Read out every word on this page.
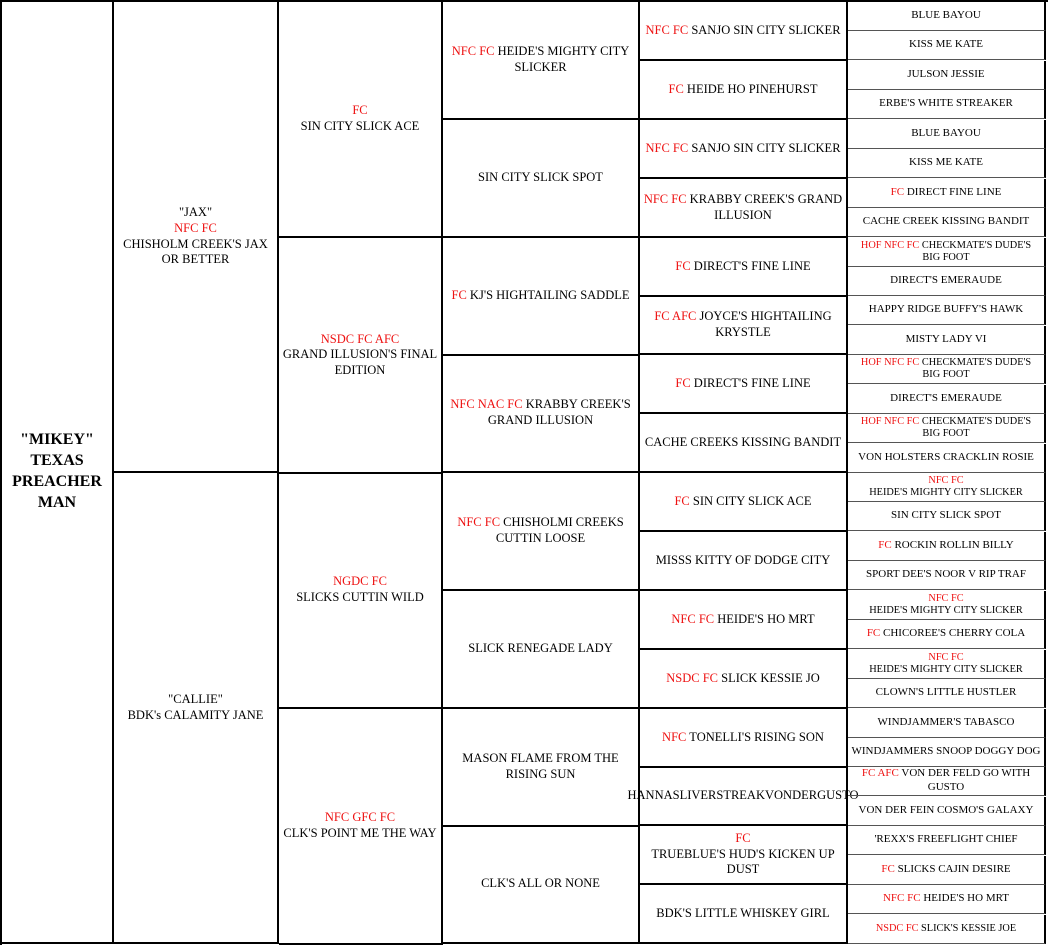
"MIKEY"
TEXAS
PREACHER
MAN
"JAX"
NFC FC
CHISHOLM CREEK'S JAX OR BETTER
"CALLIE"
BDK's CALAMITY JANE
FC
SIN CITY SLICK ACE
NSDC FC AFC
GRAND ILLUSION'S FINAL EDITION
NGDC FC
SLICKS CUTTIN WILD
NFC GFC FC
CLK'S POINT ME THE WAY
NFC FC HEIDE'S MIGHTY CITY SLICKER
SIN CITY SLICK SPOT
FC KJ'S HIGHTAILING SADDLE
NFC NAC FC KRABBY CREEK'S GRAND ILLUSION
NFC FC CHISHOLMI CREEKS CUTTIN LOOSE
SLICK RENEGADE LADY
MASON FLAME FROM THE RISING SUN
CLK'S ALL OR NONE
NFC FC SANJO SIN CITY SLICKER
FC HEIDE HO PINEHURST
NFC FC SANJO SIN CITY SLICKER
NFC FC KRABBY CREEK'S GRAND ILLUSION
FC DIRECT'S FINE LINE
FC AFC JOYCE'S HIGHTAILING KRYSTLE
FC DIRECT'S FINE LINE
CACHE CREEKS KISSING BANDIT
FC SIN CITY SLICK ACE
MISSS KITTY OF DODGE CITY
NFC FC HEIDE'S HO MRT
NSDC FC SLICK KESSIE JO
NFC TONELLI'S RISING SON
HANNASLIVERSTREAKVONDERGUSTO
FC
TRUEBLUE'S HUD'S KICKEN UP DUST
BDK'S LITTLE WHISKEY GIRL
BLUE BAYOU
KISS ME KATE
JULSON JESSIE
ERBE'S WHITE STREAKER
BLUE BAYOU
KISS ME KATE
FC DIRECT FINE LINE
CACHE CREEK KISSING BANDIT
HOF NFC FC CHECKMATE'S DUDE'S BIG FOOT
DIRECT'S EMERAUDE
HAPPY RIDGE BUFFY'S HAWK
MISTY LADY VI
HOF NFC FC CHECKMATE'S DUDE'S BIG FOOT
DIRECT'S EMERAUDE
HOF NFC FC CHECKMATE'S DUDE'S BIG FOOT
VON HOLSTERS CRACKLIN ROSIE
NFC FC
HEIDE'S MIGHTY CITY SLICKER
SIN CITY SLICK SPOT
FC ROCKIN ROLLIN BILLY
SPORT DEE'S NOOR V RIP TRAF
NFC FC
HEIDE'S MIGHTY CITY SLICKER
FC CHICOREE'S CHERRY COLA
NFC FC
HEIDE'S MIGHTY CITY SLICKER
CLOWN'S LITTLE HUSTLER
WINDJAMMER'S TABASCO
WINDJAMMERS SNOOP DOGGY DOG
FC AFC VON DER FELD GO WITH GUSTO
VON DER FEIN COSMO'S GALAXY
'REXX'S FREEFLIGHT CHIEF
FC SLICKS CAJIN DESIRE
NFC FC HEIDE'S HO MRT
NSDC FC SLICK'S KESSIE JOE
